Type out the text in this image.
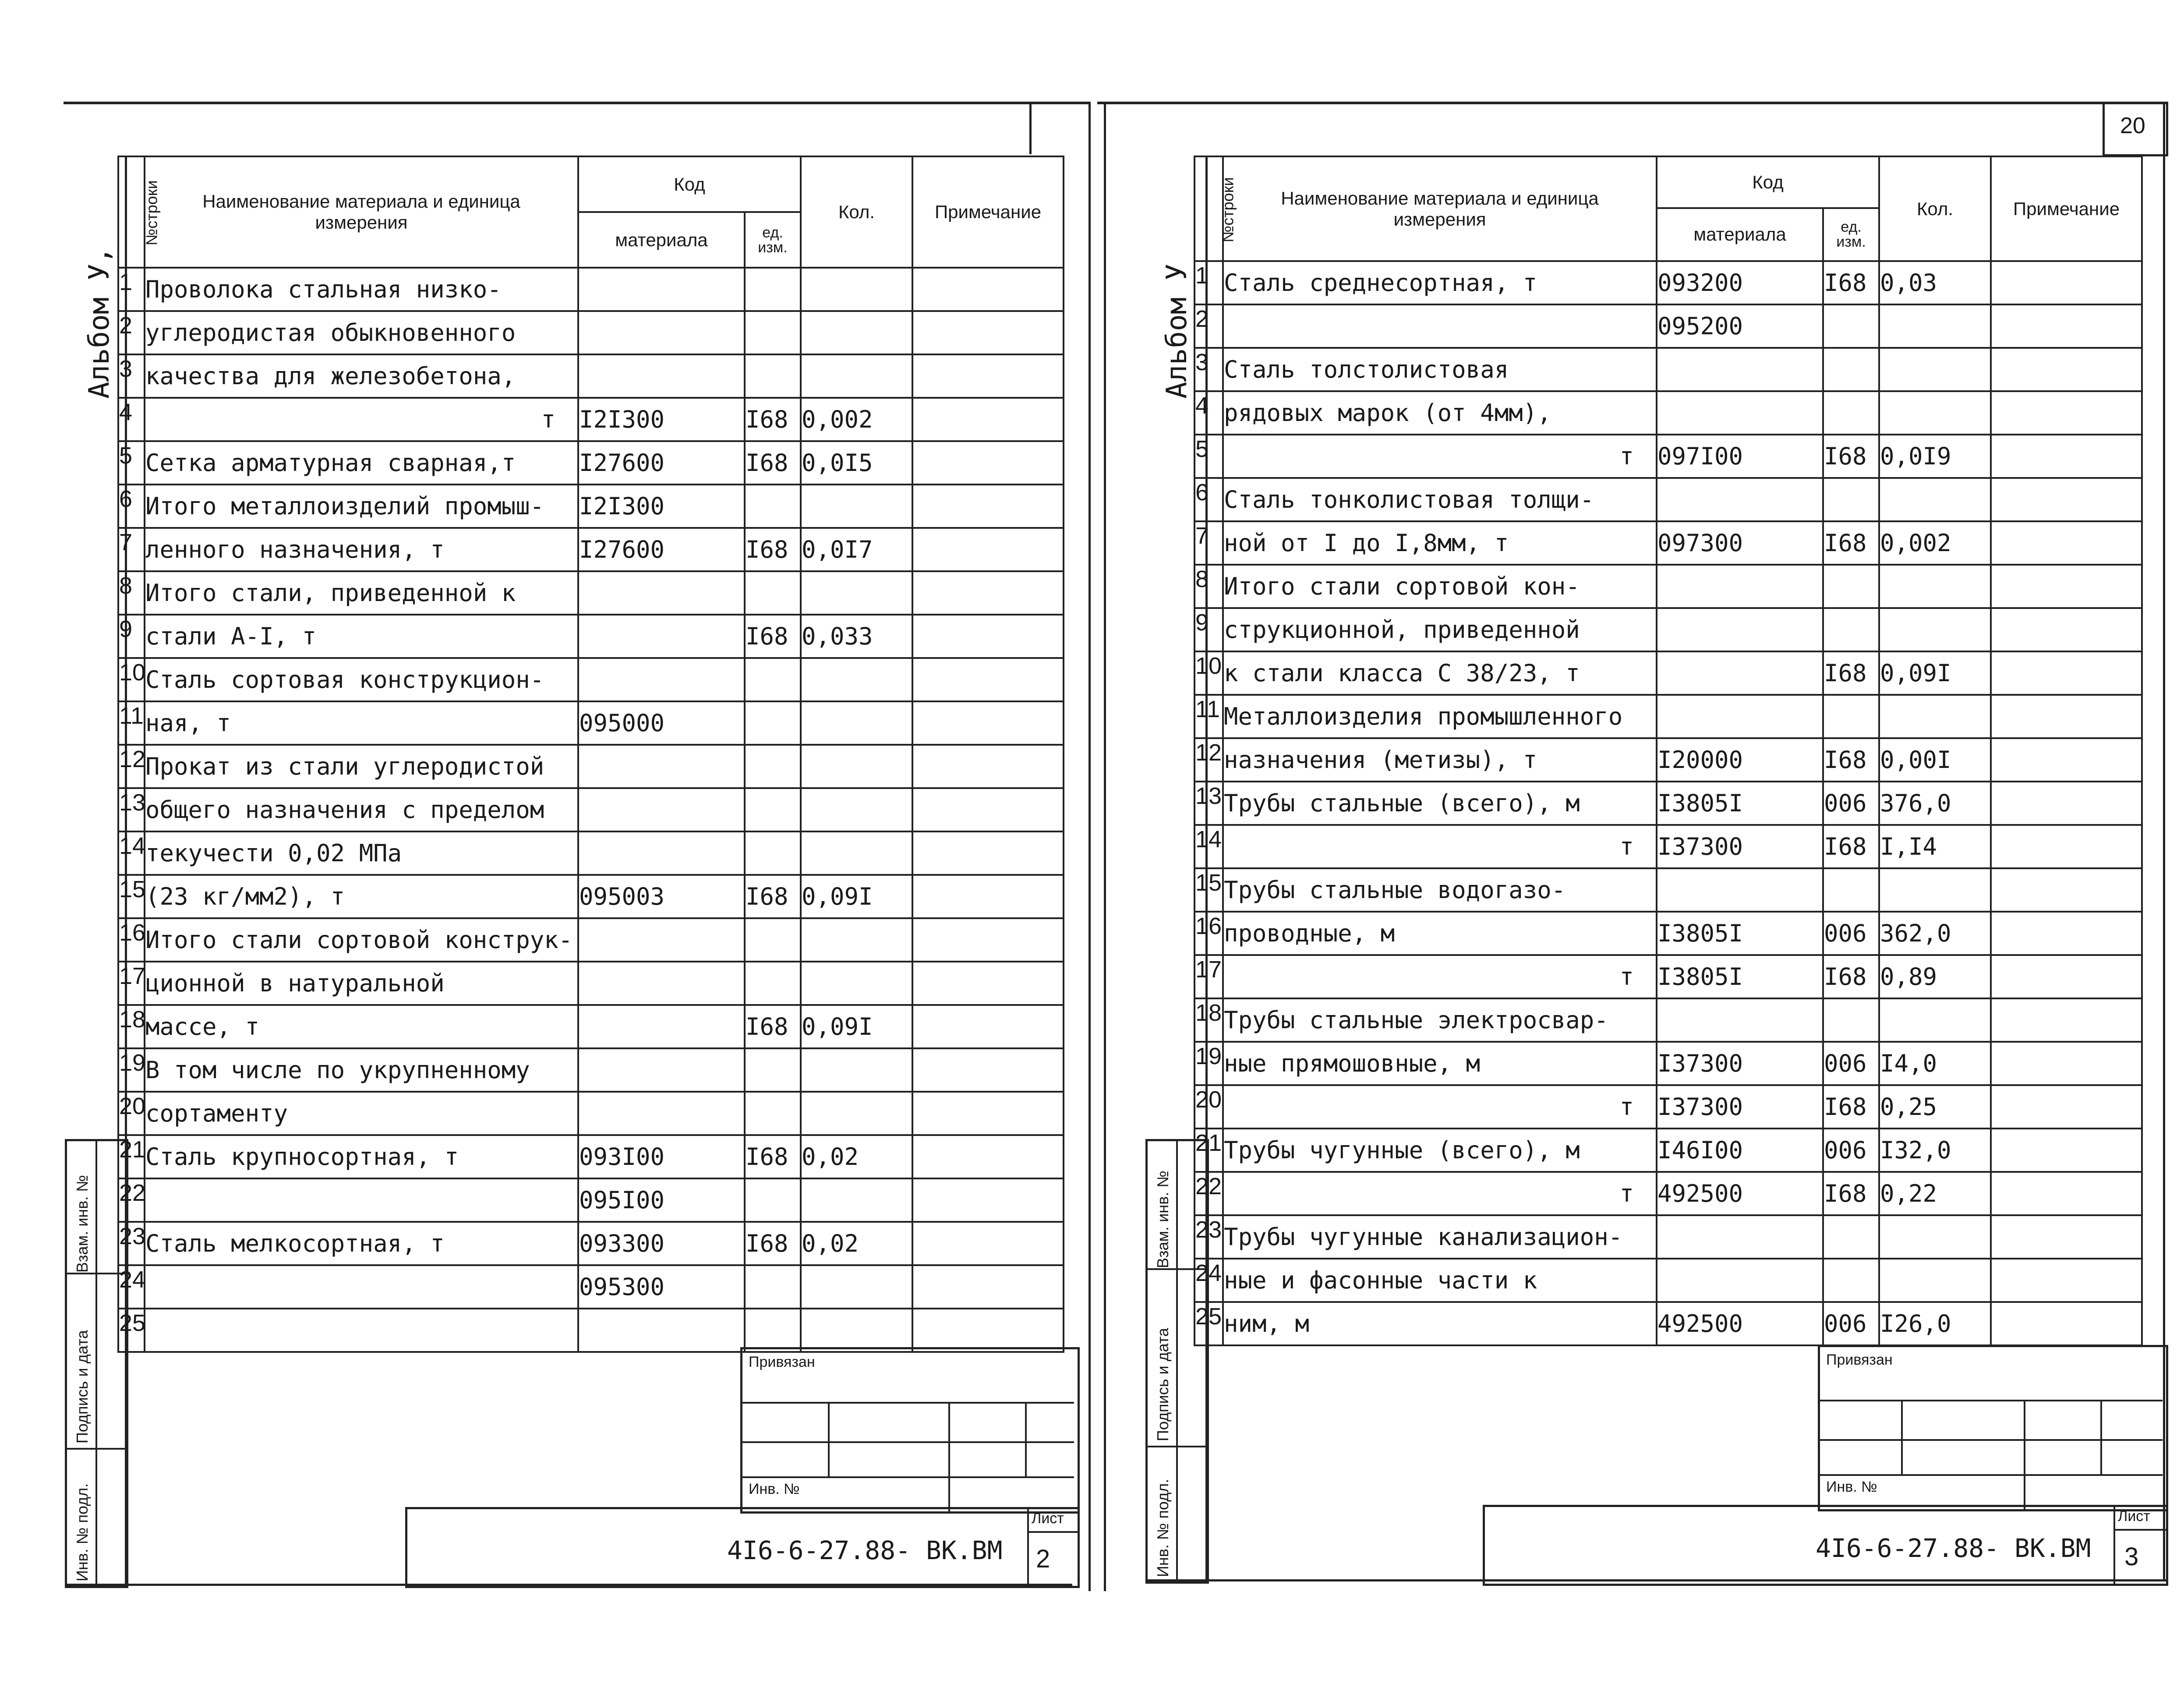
Альбом У,
Взам. инв. №
Подпись и дата
Инв. № подл.
№строки	Наименование материала и единица измерения	Код		Кол.	Примечание
		материала	ед. изм.		
1	Проволока стальная низко-				
2	углеродистая обыкновенного				
3	качества для железобетона,				
4	т	I2I300	I68	0,002	
5	Сетка арматурная сварная,т	I27600	I68	0,0I5	
6	Итого металлоизделий промыш-	I2I300			
7	ленного назначения, т	I27600	I68	0,0I7	
8	Итого стали, приведенной к				
9	стали А-I, т		I68	0,033	
10	Сталь сортовая конструкцион-				
11	ная, т	095000			
12	Прокат из стали углеродистой				
13	общего назначения с пределом				
14	текучести 0,02 МПа				
15	(23 кг/мм2), т	095003	I68	0,09I	
16	Итого стали сортовой конструк-				
17	ционной в натуральной				
18	массе, т		I68	0,09I	
19	В том числе по укрупненному				
20	сортаменту				
21	Сталь крупносортная, т	093I00	I68	0,02	
22		095I00			
23	Сталь мелкосортная, т	093300	I68	0,02	
24		095300			
25					
Привязан
Инв. №
Лист
4I6-6-27.88- ВК.ВМ 2
20
Альбом У
Взам. инв. №
Подпись и дата
Инв. № подл.
№строки	Наименование материала и единица измерения	Код		Кол.	Примечание
		материала	ед. изм.		
1	Сталь среднесортная, т	093200	I68	0,03	
2		095200			
3	Сталь толстолистовая				
4	рядовых марок (от 4мм),				
5	т	097I00	I68	0,0I9	
6	Сталь тонколистовая толщи-				
7	ной от I до I,8мм, т	097300	I68	0,002	
8	Итого стали сортовой кон-				
9	струкционной, приведенной				
10	к стали класса С 38/23, т		I68	0,09I	
11	Металлоизделия промышленного				
12	назначения (метизы), т	I20000	I68	0,00I	
13	Трубы стальные (всего), м	I3805I	006	376,0	
14	т	I37300	I68	I,I4	
15	Трубы стальные водогазо-				
16	проводные, м	I3805I	006	362,0	
17	т	I3805I	I68	0,89	
18	Трубы стальные электросвар-				
19	ные прямошовные, м	I37300	006	I4,0	
20	т	I37300	I68	0,25	
21	Трубы чугунные (всего), м	I46I00	006	I32,0	
22	т	492500	I68	0,22	
23	Трубы чугунные канализацион-				
24	ные и фасонные части к				
25	ним, м	492500	006	I26,0	
Привязан
Инв. №
Лист
4I6-6-27.88- ВК.ВМ 3
